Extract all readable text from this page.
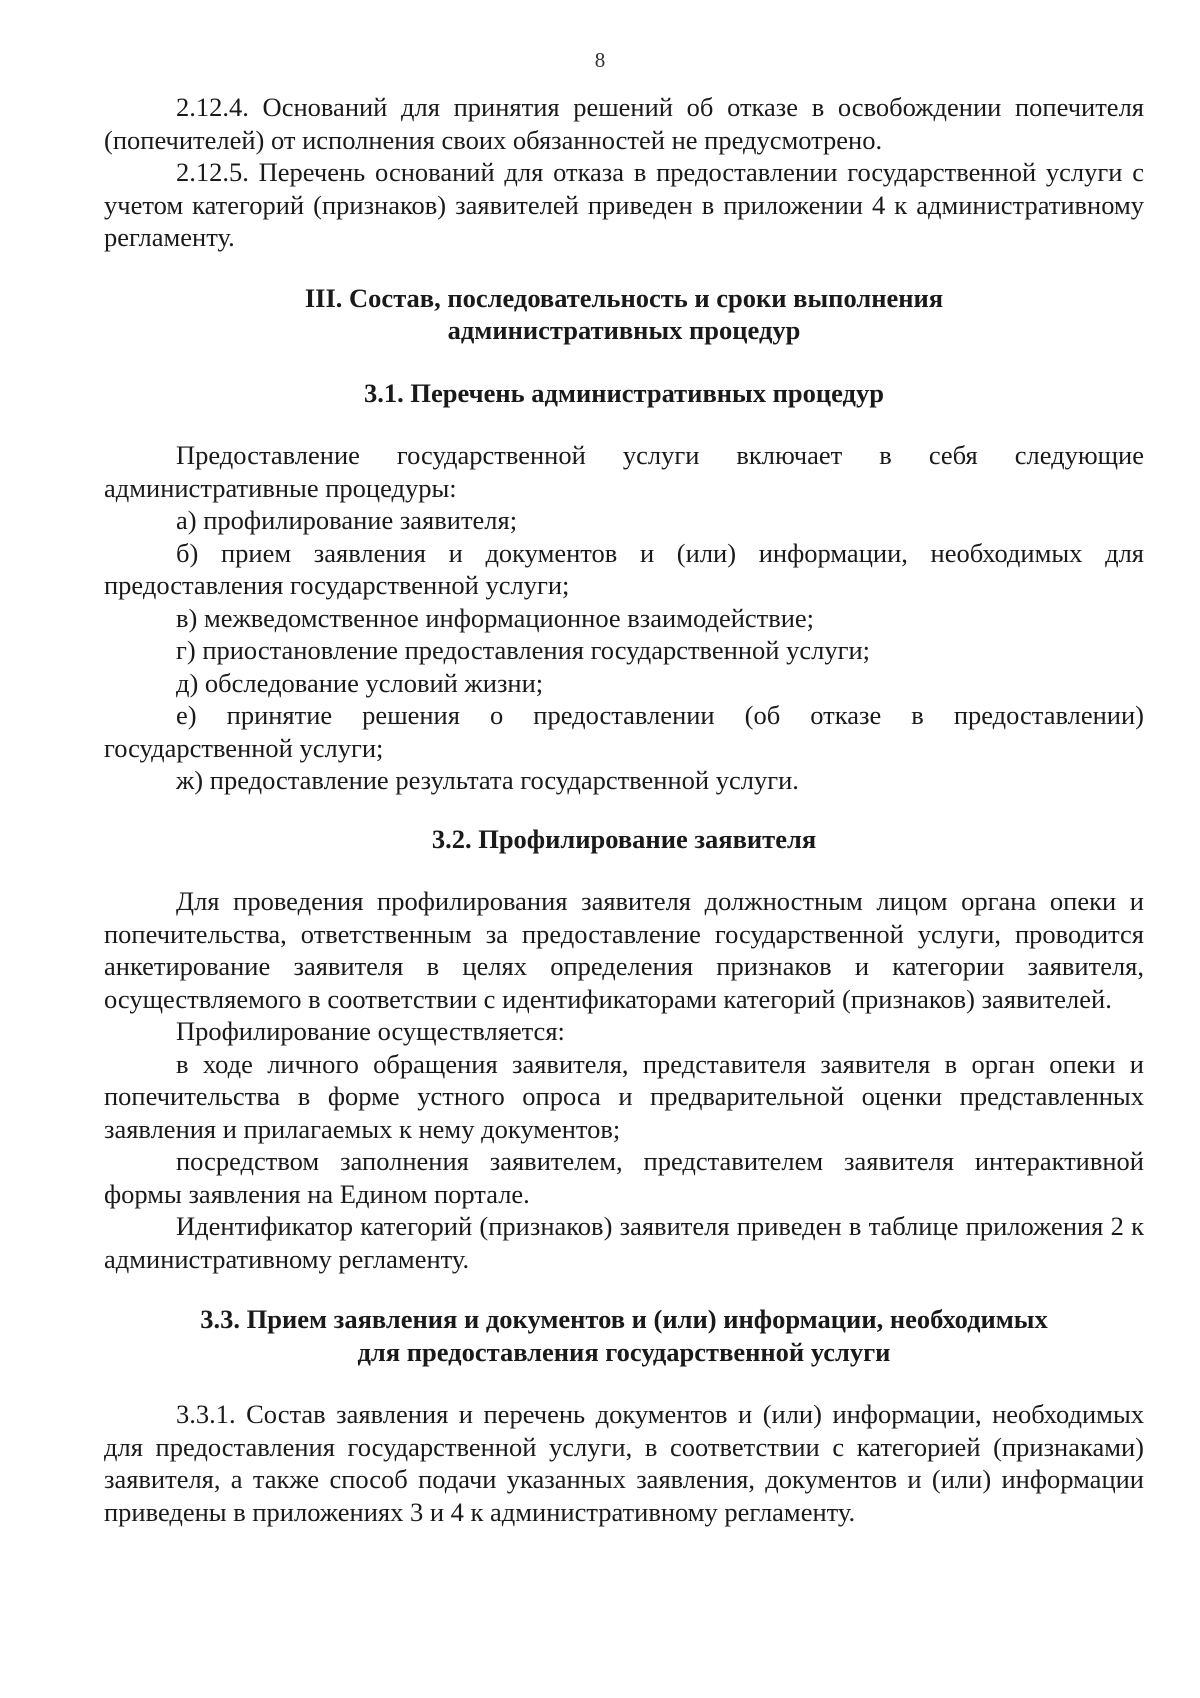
8

2.12.4. Оснований для принятия решений об отказе в освобождении попечителя (попечителей) от исполнения своих обязанностей не предусмотрено.

2.12.5. Перечень оснований для отказа в предоставлении государственной услуги с учетом категорий (признаков) заявителей приведен в приложении 4 к административному регламенту.

III. Состав, последовательность и сроки выполнения
административных процедур
3.1. Перечень административных процедур

Предоставление государственной услуги включает в себя следующие административные процедуры:

а) профилирование заявителя;

б) прием заявления и документов и (или) информации, необходимых для предоставления государственной услуги;

в) межведомственное информационное взаимодействие;

г) приостановление предоставления государственной услуги;

д) обследование условий жизни;

е) принятие решения о предоставлении (об отказе в предоставлении) государственной услуги;

ж) предоставление результата государственной услуги.

3.2. Профилирование заявителя

Для проведения профилирования заявителя должностным лицом органа опеки и попечительства, ответственным за предоставление государственной услуги, проводится анкетирование заявителя в целях определения признаков и категории заявителя, осуществляемого в соответствии с идентификаторами категорий (признаков) заявителей.

Профилирование осуществляется:

в ходе личного обращения заявителя, представителя заявителя в орган опеки и попечительства в форме устного опроса и предварительной оценки представленных заявления и прилагаемых к нему документов;

посредством заполнения заявителем, представителем заявителя интерактивной формы заявления на Едином портале.

Идентификатор категорий (признаков) заявителя приведен в таблице приложения 2 к административному регламенту.

3.3. Прием заявления и документов и (или) информации, необходимых
для предоставления государственной услуги

3.3.1. Состав заявления и перечень документов и (или) информации, необходимых для предоставления государственной услуги, в соответствии с категорией (признаками) заявителя, а также способ подачи указанных заявления, документов и (или) информации приведены в приложениях 3 и 4 к административному регламенту.
